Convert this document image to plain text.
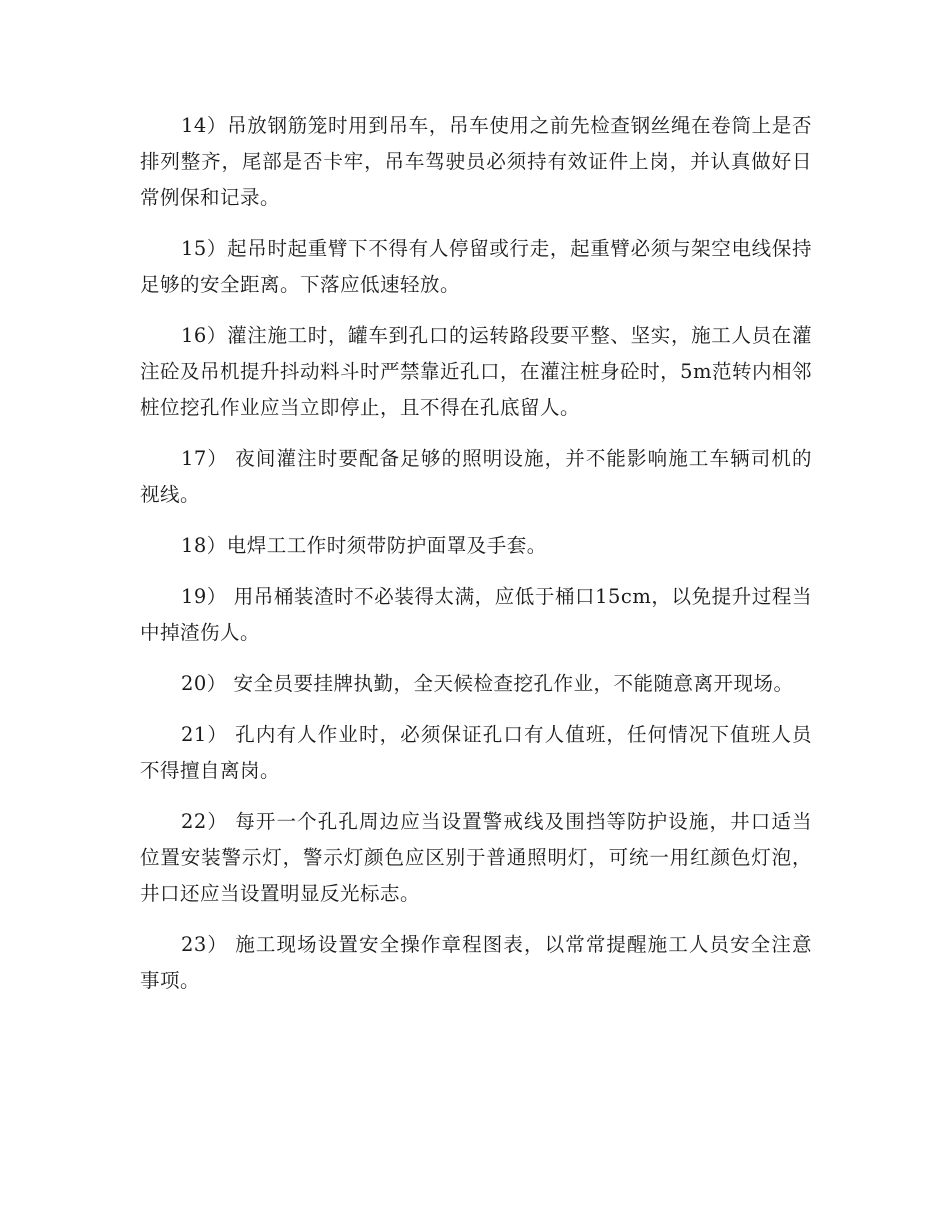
14）吊放钢筋笼时用到吊车，吊车使用之前先检查钢丝绳在卷筒上是否排列整齐，尾部是否卡牢，吊车驾驶员必须持有效证件上岗，并认真做好日常例保和记录。

15）起吊时起重臂下不得有人停留或行走，起重臂必须与架空电线保持足够的安全距离。下落应低速轻放。

16）灌注施工时，罐车到孔口的运转路段要平整、坚实，施工人员在灌注砼及吊机提升抖动料斗时严禁靠近孔口，在灌注桩身砼时，5m范转内相邻桩位挖孔作业应当立即停止，且不得在孔底留人。

17） 夜间灌注时要配备足够的照明设施，并不能影响施工车辆司机的视线。

18）电焊工工作时须带防护面罩及手套。

19） 用吊桶装渣时不必装得太满，应低于桶口15cm，以免提升过程当中掉渣伤人。

20） 安全员要挂牌执勤，全天候检查挖孔作业，不能随意离开现场。

21） 孔内有人作业时，必须保证孔口有人值班，任何情况下值班人员不得擅自离岗。

22） 每开一个孔孔周边应当设置警戒线及围挡等防护设施，井口适当位置安装警示灯，警示灯颜色应区别于普通照明灯，可统一用红颜色灯泡，井口还应当设置明显反光标志。

23） 施工现场设置安全操作章程图表，以常常提醒施工人员安全注意事项。
